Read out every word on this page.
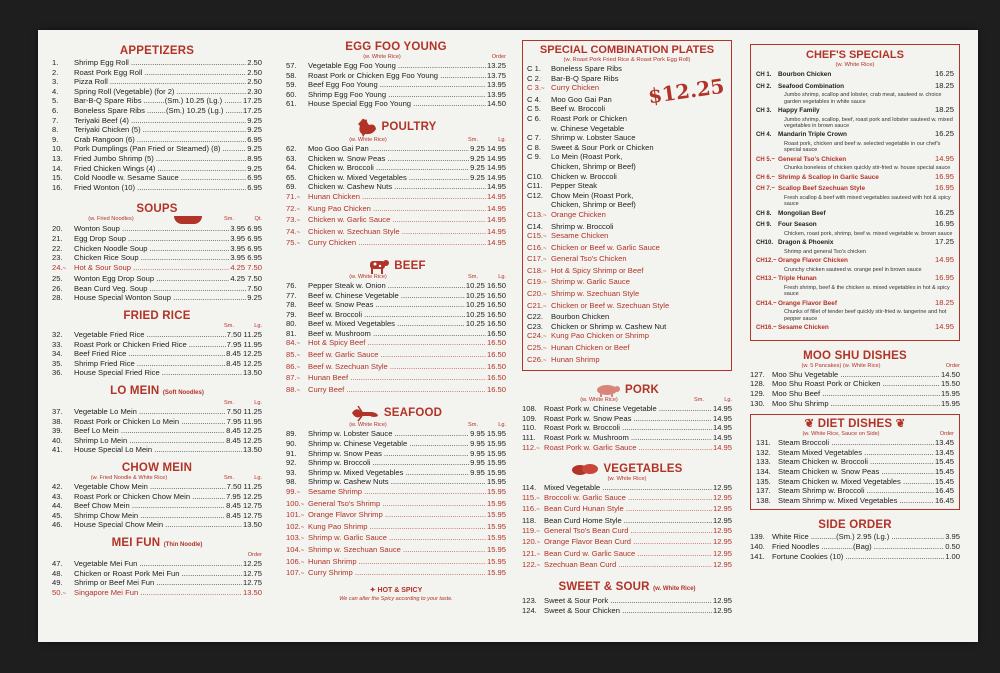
APPETIZERS
1.	Shrimp Egg Roll .....	2.50
2.	Roast Pork Egg Roll .....	2.50
3.	Pizza Roll .....	2.50
4.	Spring Roll (Vegetable) (for 2) .....	2.30
5.	Bar-B-Q Spare Ribs ..........(Sm.) 10.25 (Lg.) .....	17.25
6.	Boneless Spare Ribs .........(Sm.) 10.25 (Lg.) .....	17.25
7.	Teriyaki Beef (4) .....	9.25
8.	Teriyaki Chicken (5) .....	9.25
9.	Crab Rangoon (6) .....	6.95
10.	Pork Dumplings (Pan Fried or Steamed) (8) .....	9.25
13.	Fried Jumbo Shrimp (5) .....	8.95
14.	Fried Chicken Wings (4) .....	9.25
15.	Cold Noodle w. Sesame Sauce .....	6.95
16.	Fried Wonton (10) .....	6.95
SOUPS
(w. Fried Noodles)	Sm.	Qt.
20.	Wonton Soup .....	3.95 6.95
21.	Egg Drop Soup .....	3.95 6.95
22.	Chicken Noodle Soup .....	3.95 6.95
23.	Chicken Rice Soup .....	3.95 6.95
24. ~	Hot & Sour Soup .....	4.25 7.50
25.	Wonton Egg Drop Soup .....	4.25 7.50
26.	Bean Curd Veg. Soup .....	7.50
28.	House Special Wonton Soup .....	9.25
FRIED RICE
Sm.	Lg.
32.	Vegetable Fried Rice .....	7.50 11.25
33.	Roast Pork or Chicken Fried Rice .....	7.95 11.95
34.	Beef Fried Rice .....	8.45 12.25
35.	Shrimp Fried Rice .....	8.45 12.25
36.	House Special Fried Rice .....	13.50
LO MEIN (Soft Noodles)
Sm.	Lg.
37.	Vegetable Lo Mein .....	7.50 11.25
38.	Roast Pork or Chicken Lo Mein .....	7.95 11.95
39.	Beef Lo Mein .....	8.45 12.25
40.	Shrimp Lo Mein .....	8.45 12.25
41.	House Special Lo Mein .....	13.50
CHOW MEIN
(w. Fried Noodle & White Rice)	Sm.	Lg.
42.	Vegetable Chow Mein .....	7.50 11.25
43.	Roast Pork or Chicken Chow Mein .....	7.95 12.25
44.	Beef Chow Mein .....	8.45 12.75
45.	Shrimp Chow Mein .....	8.45 12.75
46.	House Special Chow Mein .....	13.50
MEI FUN (Thin Noodle)
Order
47.	Vegetable Mei Fun .....	12.25
48.	Chicken or Roast Pork Mei Fun .....	12.75
49.	Shrimp or Beef Mei Fun .....	12.75
50. ~	Singapore Mei Fun .....	13.50
EGG FOO YOUNG
(w. White Rice)	Order
57.	Vegetable Egg Foo Young .....	13.25
58.	Roast Pork or Chicken Egg Foo Young .....	13.75
59.	Beef Egg Foo Young .....	13.95
60.	Shrimp Egg Foo Young .....	13.95
61.	House Special Egg Foo Young .....	14.50
POULTRY
(w. White Rice)	Sm.	Lg.
62.	Moo Goo Gai Pan .....	9.25 14.95
63.	Chicken w. Snow Peas .....	9.25 14.95
64.	Chicken w. Broccoli .....	9.25 14.95
65.	Chicken w. Mixed Vegetables .....	9.25 14.95
69.	Chicken w. Cashew Nuts .....	14.95
71. ~	Hunan Chicken .....	14.95
72. ~	Kung Pao Chicken .....	14.95
73. ~	Chicken w. Garlic Sauce .....	14.95
74. ~	Chicken w. Szechuan Style .....	14.95
75. ~	Curry Chicken .....	14.95
BEEF
(w. White Rice)	Sm.	Lg.
76.	Pepper Steak w. Onion .....	10.25 16.50
77.	Beef w. Chinese Vegetable .....	10.25 16.50
78.	Beef w. Snow Peas .....	10.25 16.50
79.	Beef w. Broccoli .....	10.25 16.50
80.	Beef w. Mixed Vegetables .....	10.25 16.50
81.	Beef w. Mushroom .....	16.50
84. ~	Hot & Spicy Beef .....	16.50
85. ~	Beef w. Garlic Sauce .....	16.50
86. ~	Beef w. Szechuan Style .....	16.50
87. ~	Hunan Beef .....	16.50
88. ~	Curry Beef .....	16.50
SEAFOOD
(w. White Rice)	Sm.	Lg.
89.	Shrimp w. Lobster Sauce .....	9.95 15.95
90.	Shrimp w. Chinese Vegetable .....	9.95 15.95
91.	Shrimp w. Snow Peas .....	9.95 15.95
92.	Shrimp w. Broccoli .....	9.95 15.95
93.	Shrimp w. Mixed Vegetables .....	9.95 15.95
98.	Shrimp w. Cashew Nuts .....	15.95
99. ~	Sesame Shrimp .....	15.95
100. ~ General Tso's Shrimp .....	15.95
101. ~ Orange Flavor Shrimp .....	15.95
102. ~ Kung Pao Shrimp .....	15.95
103. ~ Shrimp w. Garlic Sauce .....	15.95
104. ~ Shrimp w. Szechuan Sauce .....	15.95
106. ~ Hunan Shrimp .....	15.95
107. ~ Curry Shrimp .....	15.95
✦ HOT & SPICY
We can alter the Spicy according to your taste.
SPECIAL COMBINATION PLATES
(w. Roast Pork Fried Rice & Roast Pork Egg Roll)
$12.25
C 1.	Boneless Spare Ribs
C 2.	Bar-B-Q Spare Ribs
C 3. ~	Curry Chicken
C 4.	Moo Goo Gai Pan
C 5.	Beef w. Broccoli
C 6.	Roast Pork or Chicken
w. Chinese Vegetable
C 7.	Shrimp w. Lobster Sauce
C 8.	Sweet & Sour Pork or Chicken
C 9.	Lo Mein (Roast Pork,
Chicken, Shrimp or Beef)
C10.	Chicken w. Broccoli
C11.	Pepper Steak
C12.	Chow Mein (Roast Pork,
Chicken, Shrimp or Beef)
C13. ~	Orange Chicken
C14.	Shrimp w. Broccoli
C15. ~	Sesame Chicken
C16. ~	Chicken or Beef w. Garlic Sauce
C17. ~	General Tso's Chicken
C18. ~	Hot & Spicy Shrimp or Beef
C19. ~	Shrimp w. Garlic Sauce
C20. ~	Shrimp w. Szechuan Style
C21. ~	Chicken or Beef w. Szechuan Style
C22.	Bourbon Chicken
C23.	Chicken or Shrimp w. Cashew Nut
C24. ~	Kung Pao Chicken or Shrimp
C25. ~	Hunan Chicken or Beef
C26. ~	Hunan Shrimp
PORK
(w. White Rice)	Sm.	Lg.
108. Roast Pork w. Chinese Vegetable .....	14.95
109. Roast Pork w. Snow Peas .....	14.95
110.	Roast Pork w. Broccoli .....	14.95
111.	Roast Pork w. Mushroom .....	14.95
112. ~	Roast Pork w. Garlic Sauce .....	14.95
VEGETABLES
(w. White Rice)
114.	Mixed Vegetable .....	12.95
115. ~	Broccoli w. Garlic Sauce .....	12.95
116. ~	Bean Curd Hunan Style .....	12.95
118.	Bean Curd Home Style .....	12.95
119. ~	General Tso's Bean Curd .....	12.95
120. ~ Orange Flavor Bean Curd .....	12.95
121. ~ Bean Curd w. Garlic Sauce .....	12.95
122. ~ Szechuan Bean Curd .....	12.95
SWEET & SOUR (w. White Rice)
123. Sweet & Sour Pork .....	12.95
124. Sweet & Sour Chicken .....	12.95
CHEF'S SPECIALS
(w. White Rice)
CH 1.	Bourbon Chicken	16.25
CH 2.	Seafood Combination	18.25
Jumbo shrimp, scallop and lobster, crab meat, sauteed w. choice garden vegetables in white sauce
CH 3.	Happy Family	18.25
Jumbo shrimp, scallop, beef, roast pork and lobster sauteed w. mixed vegetables in brown sauce
CH 4.	Mandarin Triple Crown	16.25
Roast pork, chicken and beef w. selected vegetable in our chef's special sauce
CH 5. ~	General Tso's Chicken	14.95
Chunks boneless of chicken quickly stir-fried w. house special sauce
CH 6. ~	Shrimp & Scallop in Garlic Sauce	16.95
CH 7. ~	Scallop Beef Szechuan Style	16.95
Fresh scallop & beef with mixed vegetables sauteed with hot & spicy sauce
CH 8.	Mongolian Beef	16.25
CH 9.	Four Season	16.95
Chicken, roast pork, shrimp, beef w. mixed vegetable w. brown sauce
CH10. Dragon & Phoenix	17.25
Shrimp and general Tso's chicken
CH12. ~ Orange Flavor Chicken	14.95
Crunchy chicken sauteed w. orange peel in brown sauce
CH13. ~ Triple Hunan	16.95
Fresh shrimp, beef & the chicken w. mixed vegetables in hot & spicy sauce
CH14. ~ Orange Flavor Beef	18.25
Chunks of fillet of tender beef quickly stir-fried w. tangerine and hot pepper sauce
CH16. ~ Sesame Chicken	14.95
MOO SHU DISHES
(w. 5 Pancakes) (w. White Rice)	Order
127. Moo Shu Vegetable .....	14.50
128. Moo Shu Roast Pork or Chicken .....	15.50
129. Moo Shu Beef .....	15.95
130. Moo Shu Shrimp .....	15.95
❦ DIET DISHES ❦
(w. White Rice, Sauce on Side)	Order
131. Steam Broccoli .....	13.45
132. Steam Mixed Vegetables .....	13.45
133. Steam Chicken w. Broccoli .....	15.45
134. Steam Chicken w. Snow Peas .....	15.45
135. Steam Chicken w. Mixed Vegetables .....	15.45
137. Steam Shrimp w. Broccoli .....	16.45
138. Steam Shrimp w. Mixed Vegetables .....	16.45
SIDE ORDER
139. White Rice ............(Sm.) 2.95 (Lg.) .....	3.95
140. Fried Noodles ...............(Bag) .....	0.50
141. Fortune Cookies (10) .....	1.00
